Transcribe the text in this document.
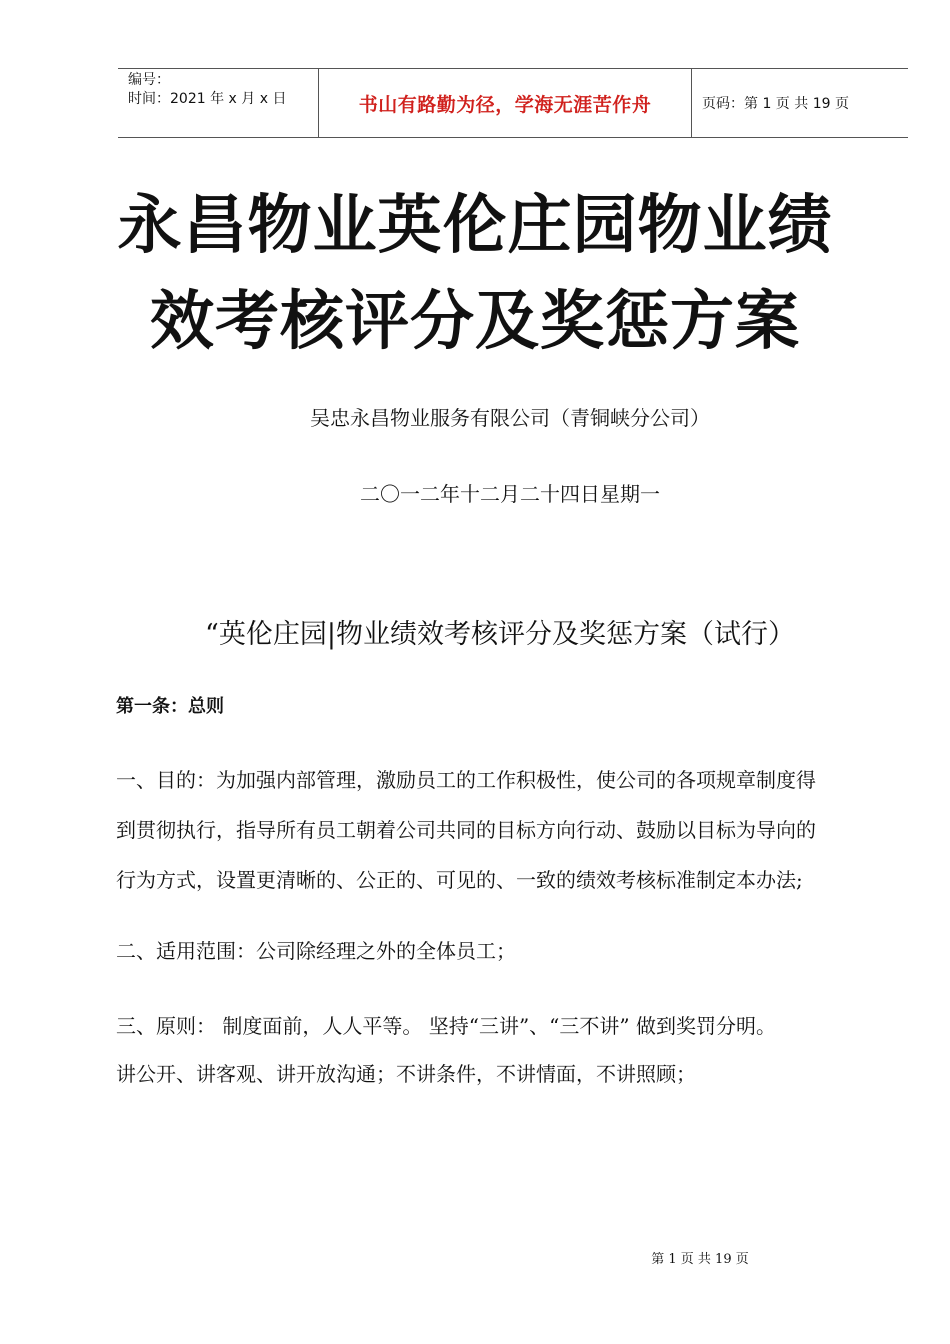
编号：
时间：2021 年 x 月 x 日	书山有路勤为径，学海无涯苦作舟	页码：第 1 页 共 19 页
永昌物业英伦庄园物业绩
效考核评分及奖惩方案
吴忠永昌物业服务有限公司（青铜峡分公司）
二〇一二年十二月二十四日星期一
“英伦庄园|物业绩效考核评分及奖惩方案（试行）
第一条：总则
一、目的：为加强内部管理，激励员工的工作积极性，使公司的各项规章制度得
到贯彻执行，指导所有员工朝着公司共同的目标方向行动、鼓励以目标为导向的
行为方式，设置更清晰的、公正的、可见的、一致的绩效考核标准制定本办法;
二、适用范围：公司除经理之外的全体员工；
三、原则： 制度面前，人人平等。 坚持“三讲”、“三不讲” 做到奖罚分明。
讲公开、讲客观、讲开放沟通；不讲条件，不讲情面，不讲照顾；
第 1 页 共 19 页
